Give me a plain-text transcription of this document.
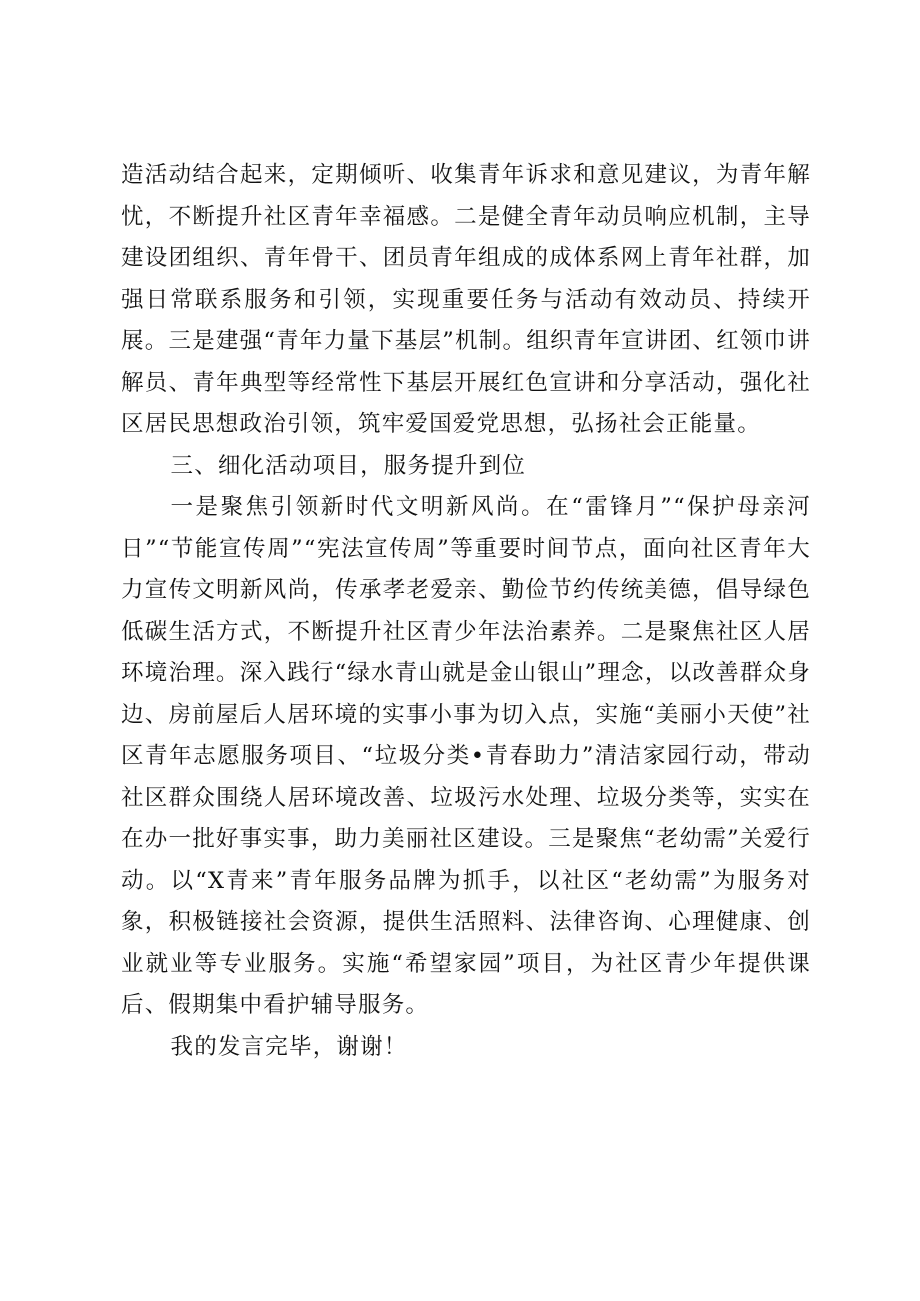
造活动结合起来，定期倾听、收集青年诉求和意见建议，为青年解忧，不断提升社区青年幸福感。二是健全青年动员响应机制，主导建设团组织、青年骨干、团员青年组成的成体系网上青年社群，加强日常联系服务和引领，实现重要任务与活动有效动员、持续开展。三是建强“青年力量下基层”机制。组织青年宣讲团、红领巾讲解员、青年典型等经常性下基层开展红色宣讲和分享活动，强化社区居民思想政治引领，筑牢爱国爱党思想，弘扬社会正能量。

三、细化活动项目，服务提升到位

一是聚焦引领新时代文明新风尚。在“雷锋月”“保护母亲河日”“节能宣传周”“宪法宣传周”等重要时间节点，面向社区青年大力宣传文明新风尚，传承孝老爱亲、勤俭节约传统美德，倡导绿色低碳生活方式，不断提升社区青少年法治素养。二是聚焦社区人居环境治理。深入践行“绿水青山就是金山银山”理念，以改善群众身边、房前屋后人居环境的实事小事为切入点，实施“美丽小天使”社区青年志愿服务项目、“垃圾分类•青春助力”清洁家园行动，带动社区群众围绕人居环境改善、垃圾污水处理、垃圾分类等，实实在在办一批好事实事，助力美丽社区建设。三是聚焦“老幼需”关爱行动。以“X青来”青年服务品牌为抓手，以社区“老幼需”为服务对象，积极链接社会资源，提供生活照料、法律咨询、心理健康、创业就业等专业服务。实施“希望家园”项目，为社区青少年提供课后、假期集中看护辅导服务。

我的发言完毕，谢谢！
